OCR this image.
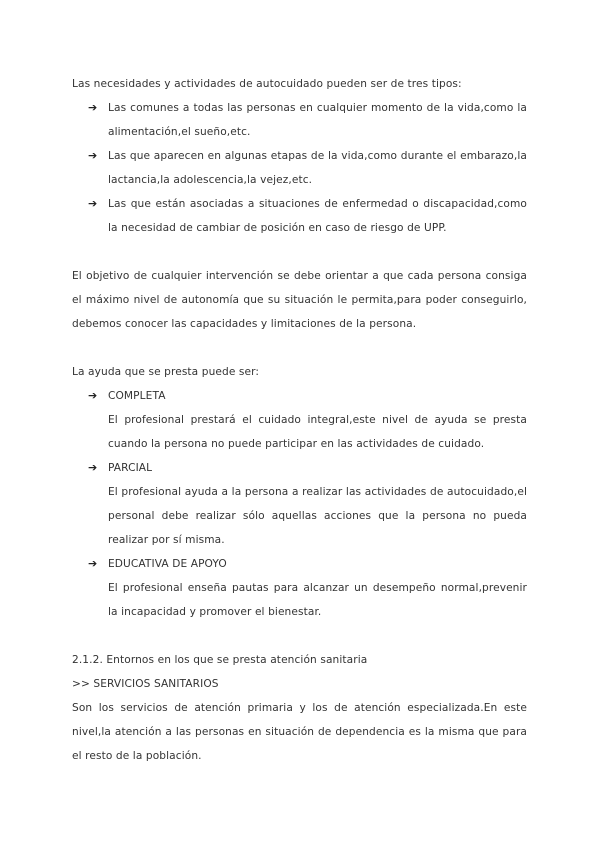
Las necesidades y actividades de autocuidado pueden ser de tres tipos:

➔	Las comunes a todas las personas en cualquier momento de la vida,como la alimentación,el sueño,etc.

➔	Las que aparecen en algunas etapas de la vida,como durante el embarazo,la lactancia,la adolescencia,la vejez,etc.

➔	Las que están asociadas a situaciones de enfermedad o discapacidad,como la necesidad de cambiar de posición en caso de riesgo de UPP.

El objetivo de cualquier intervención se debe orientar a que cada persona consiga el máximo nivel de autonomía que su situación le permita,para poder conseguirlo, debemos conocer las capacidades y limitaciones de la persona.

La ayuda que se presta puede ser:

➔	COMPLETA

El profesional prestará el cuidado integral,este nivel de ayuda se presta cuando la persona no puede participar en las actividades de cuidado.

➔	PARCIAL

El profesional ayuda a la persona a realizar las actividades de autocuidado,el personal debe realizar sólo aquellas acciones que la persona no pueda realizar por sí misma.

➔	EDUCATIVA DE APOYO

El profesional enseña pautas para alcanzar un desempeño normal,prevenir la incapacidad y promover el bienestar.

2.1.2. Entornos en los que se presta atención sanitaria

>> SERVICIOS SANITARIOS

Son los servicios de atención primaria y los de atención especializada.En este nivel,la atención a las personas en situación de dependencia es la misma que para el resto de la población.
